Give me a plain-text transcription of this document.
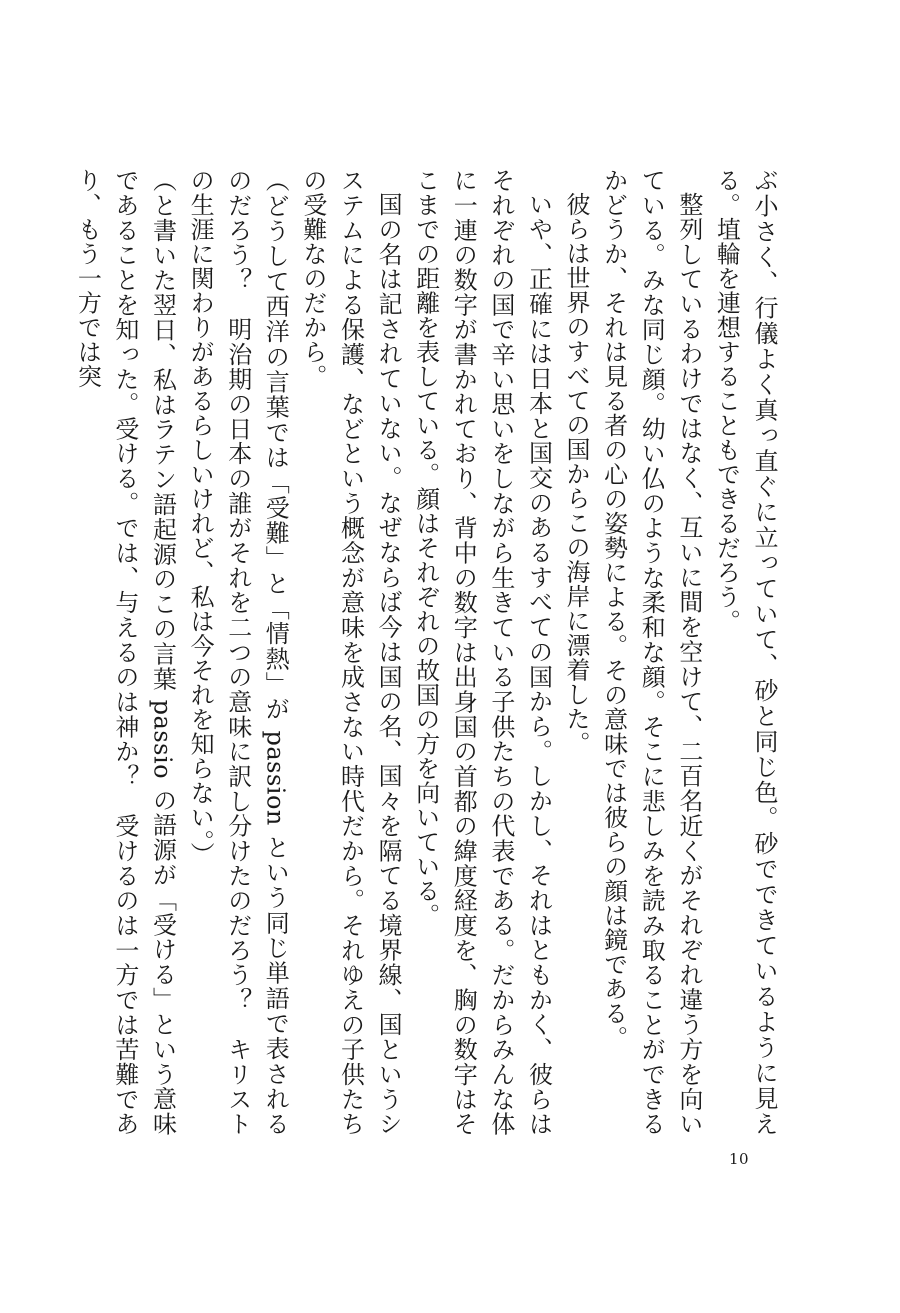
ぶ小さく、行儀よく真っ直ぐに立っていて、砂と同じ色。砂でできているように見える。埴輪を連想することもできるだろう。

整列しているわけではなく、互いに間を空けて、二百名近くがそれぞれ違う方を向いている。みな同じ顔。幼い仏のような柔和な顔。そこに悲しみを読み取ることができるかどうか、それは見る者の心の姿勢による。その意味では彼らの顔は鏡である。

彼らは世界のすべての国からこの海岸に漂着した。

いや、正確には日本と国交のあるすべての国から。しかし、それはともかく、彼らはそれぞれの国で辛い思いをしながら生きている子供たちの代表である。だからみんな体に一連の数字が書かれており、背中の数字は出身国の首都の緯度経度を、胸の数字はそこまでの距離を表している。顔はそれぞれの故国の方を向いている。

国の名は記されていない。なぜならば今は国の名、国々を隔てる境界線、国というシステムによる保護、などという概念が意味を成さない時代だから。それゆえの子供たちの受難なのだから。

（どうして西洋の言葉では「受難」と「情熱」が passion という同じ単語で表されるのだろう？　明治期の日本の誰がそれを二つの意味に訳し分けたのだろう？　キリストの生涯に関わりがあるらしいけれど、私は今それを知らない。）

（と書いた翌日、私はラテン語起源のこの言葉 passio の語源が「受ける」という意味であることを知った。受ける。では、与えるのは神か？　受けるのは一方では苦難であり、もう一方では突

10
